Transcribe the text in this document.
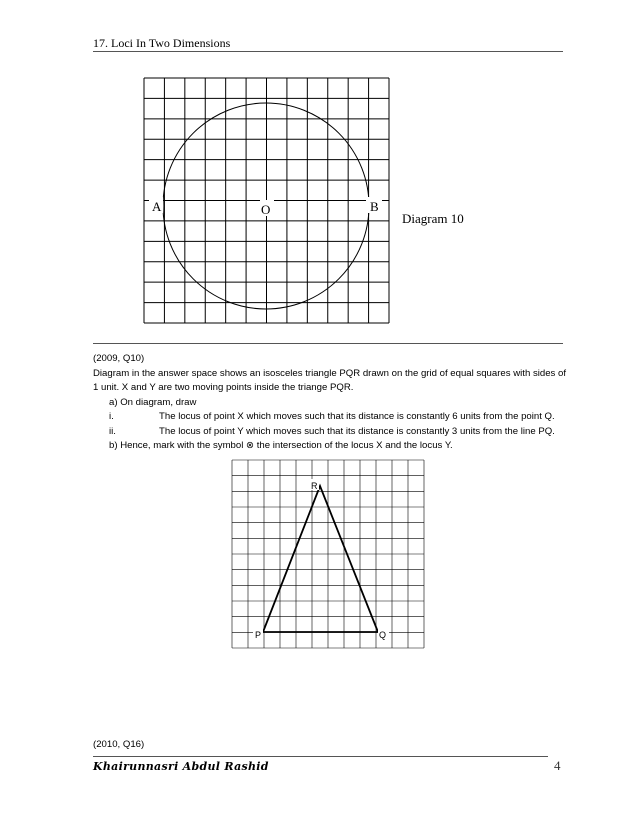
17. Loci In Two Dimensions
A	O	B
Diagram 10
(2009, Q10)
Diagram in the answer space shows an isosceles triangle PQR drawn on the grid of equal squares with sides of
1 unit. X and Y are two moving points inside the triange PQR.
a) On diagram, draw
i.	The locus of point X which moves such that its distance is constantly 6 units from the point Q.
ii.	The locus of point Y which moves such that its distance is constantly 3 units from the line PQ.
b) Hence, mark with the symbol ⊗ the intersection of the locus X and the locus Y.
R
P	Q
(2010, Q16)
Khairunnasri Abdul Rashid	4
